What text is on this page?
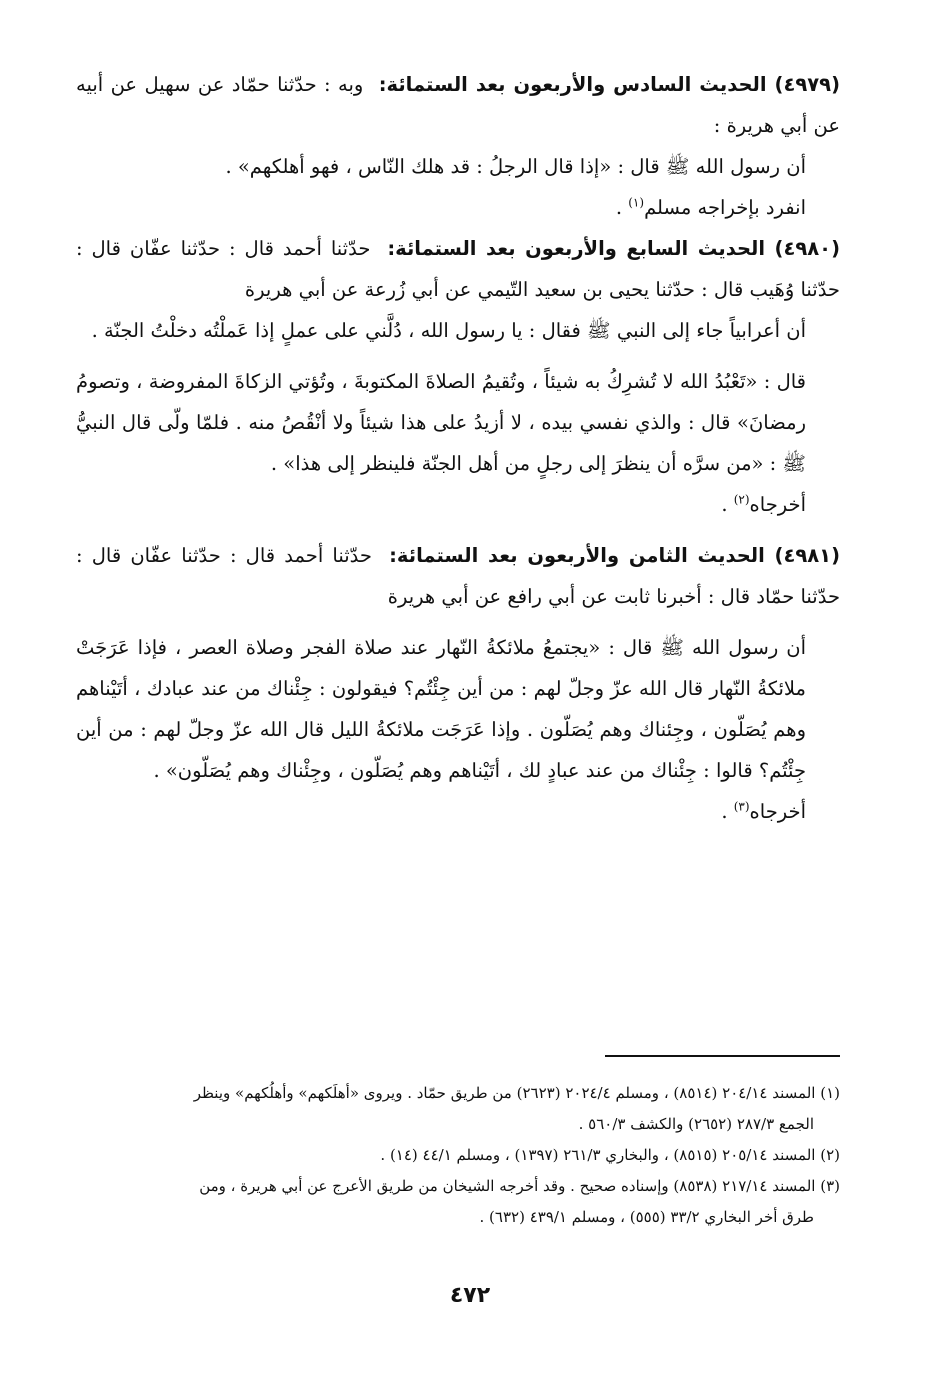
(٤٩٧٩) الحديث السادس والأربعون بعد الستمائة: وبه : حدّثنا حمّاد عن سهيل عن أبيه عن أبي هريرة :

أن رسول الله ﷺ قال : «إذا قال الرجلُ : قد هلك النّاس ، فهو أهلكهم» .

انفرد بإخراجه مسلم$^{(١)}$ .

(٤٩٨٠) الحديث السابع والأربعون بعد الستمائة: حدّثنا أحمد قال : حدّثنا عفّان قال : حدّثنا وُهَيب قال : حدّثنا يحيى بن سعيد التّيمي عن أبي زُرعة عن أبي هريرة

أن أعرابياً جاء إلى النبي ﷺ فقال : يا رسول الله ، دُلَّني على عملٍ إذا عَملْتُه دخلْتُ الجنّة .

قال : «تَعْبُدُ الله لا تُشرِكُ به شيئاً ، وتُقيمُ الصلاةَ المكتوبةَ ، وتُؤتي الزكاةَ المفروضة ، وتصومُ رمضانَ» قال : والذي نفسي بيده ، لا أزيدُ على هذا شيئاً ولا أنْقُصُ منه . فلمّا ولّى قال النبيُّ ﷺ : «من سرَّه أن ينظرَ إلى رجلٍ من أهل الجنّة فلينظر إلى هذا» .

أخرجاه$^{(٢)}$ .

(٤٩٨١) الحديث الثامن والأربعون بعد الستمائة: حدّثنا أحمد قال : حدّثنا عفّان قال : حدّثنا حمّاد قال : أخبرنا ثابت عن أبي رافع عن أبي هريرة

أن رسول الله ﷺ قال : «يجتمعُ ملائكةُ النّهار عند صلاة الفجر وصلاة العصر ، فإذا عَرَجَتْ ملائكةُ النّهار قال الله عزّ وجلّ لهم : من أين جِئْتُم؟ فيقولون : جِئْناك من عند عبادك ، أتَيْناهم وهم يُصَلّون ، وجِئناك وهم يُصَلّون . وإذا عَرَجَت ملائكةُ الليل قال الله عزّ وجلّ لهم : من أين جِئْتُم؟ قالوا : جِئْناك من عند عبادٍ لك ، أتَيْناهم وهم يُصَلّون ، وجِئْناك وهم يُصَلّون» .

أخرجاه$^{(٣)}$ .

(١) المسند ٢٠٤/١٤ (٨٥١٤) ، ومسلم ٢٠٢٤/٤ (٢٦٢٣) من طريق حمّاد . ويروى «أهلَكهم» وأهلُكهم» وينظر

الجمع ٢٨٧/٣ (٢٦٥٢) والكشف ٥٦٠/٣ .

(٢) المسند ٢٠٥/١٤ (٨٥١٥) ، والبخاري ٢٦١/٣ (١٣٩٧) ، ومسلم ٤٤/١ (١٤) .

(٣) المسند ٢١٧/١٤ (٨٥٣٨) وإسناده صحيح . وقد أخرجه الشيخان من طريق الأعرج عن أبي هريرة ، ومن

طرق أخر البخاري ٣٣/٢ (٥٥٥) ، ومسلم ٤٣٩/١ (٦٣٢) .

٤٧٢
